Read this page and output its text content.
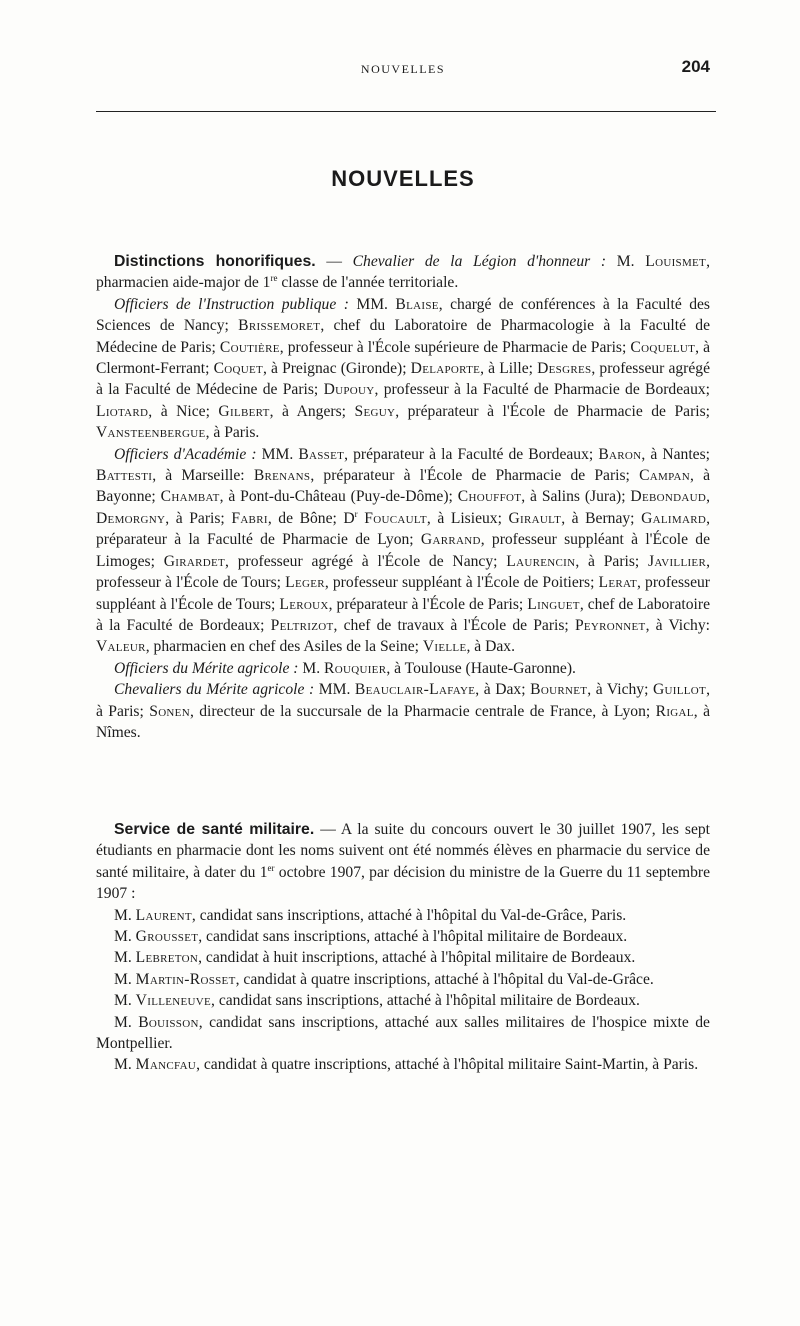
NOUVELLES	204
NOUVELLES

Distinctions honorifiques. — Chevalier de la Légion d'honneur : M. Louismet, pharmacien aide-major de 1re classe de l'année territoriale.

Officiers de l'Instruction publique : MM. Blaise, chargé de conférences à la Faculté des Sciences de Nancy; Brissemoret, chef du Laboratoire de Pharmacologie à la Faculté de Médecine de Paris; Coutière, professeur à l'École supérieure de Pharmacie de Paris; Coquelut, à Clermont-Ferrant; Coquet, à Preignac (Gironde); Delaporte, à Lille; Desgres, professeur agrégé à la Faculté de Médecine de Paris; Dupouy, professeur à la Faculté de Pharmacie de Bordeaux; Liotard, à Nice; Gilbert, à Angers; Seguy, préparateur à l'École de Pharmacie de Paris; Vansteenbergue, à Paris.

Officiers d'Académie : MM. Basset, préparateur à la Faculté de Bordeaux; Baron, à Nantes; Battesti, à Marseille: Brenans, préparateur à l'École de Pharmacie de Paris; Campan, à Bayonne; Chambat, à Pont-du-Château (Puy-de-Dôme); Chouffot, à Salins (Jura); Debondaud, Demorgny, à Paris; Fabri, de Bône; $D^r$ Foucault, à Lisieux; Girault, à Bernay; Galimard, préparateur à la Faculté de Pharmacie de Lyon; Garrand, professeur suppléant à l'École de Limoges; Girardet, professeur agrégé à l'École de Nancy; Laurencin, à Paris; Javillier, professeur à l'École de Tours; Leger, professeur suppléant à l'École de Poitiers; Lerat, professeur suppléant à l'École de Tours; Leroux, préparateur à l'École de Paris; Linguet, chef de Laboratoire à la Faculté de Bordeaux; Peltrizot, chef de travaux à l'École de Paris; Peyronnet, à Vichy: Valeur, pharmacien en chef des Asiles de la Seine; Vielle, à Dax.

Officiers du Mérite agricole : M. Rouquier, à Toulouse (Haute-Garonne).

Chevaliers du Mérite agricole : MM. Beauclair-Lafaye, à Dax; Bournet, à Vichy; Guillot, à Paris; Sonen, directeur de la succursale de la Pharmacie centrale de France, à Lyon; Rigal, à Nîmes.

Service de santé militaire. — A la suite du concours ouvert le 30 juillet 1907, les sept étudiants en pharmacie dont les noms suivent ont été nommés élèves en pharmacie du service de santé militaire, à dater du 1er octobre 1907, par décision du ministre de la Guerre du 11 septembre 1907 :

M. Laurent, candidat sans inscriptions, attaché à l'hôpital du Val-de-Grâce, Paris.

M. Grousset, candidat sans inscriptions, attaché à l'hôpital militaire de Bordeaux.

M. Lebreton, candidat à huit inscriptions, attaché à l'hôpital militaire de Bordeaux.

M. Martin-Rosset, candidat à quatre inscriptions, attaché à l'hôpital du Val-de-Grâce.

M. Villeneuve, candidat sans inscriptions, attaché à l'hôpital militaire de Bordeaux.

M. Bouisson, candidat sans inscriptions, attaché aux salles militaires de l'hospice mixte de Montpellier.

M. Mancfau, candidat à quatre inscriptions, attaché à l'hôpital militaire Saint-Martin, à Paris.
